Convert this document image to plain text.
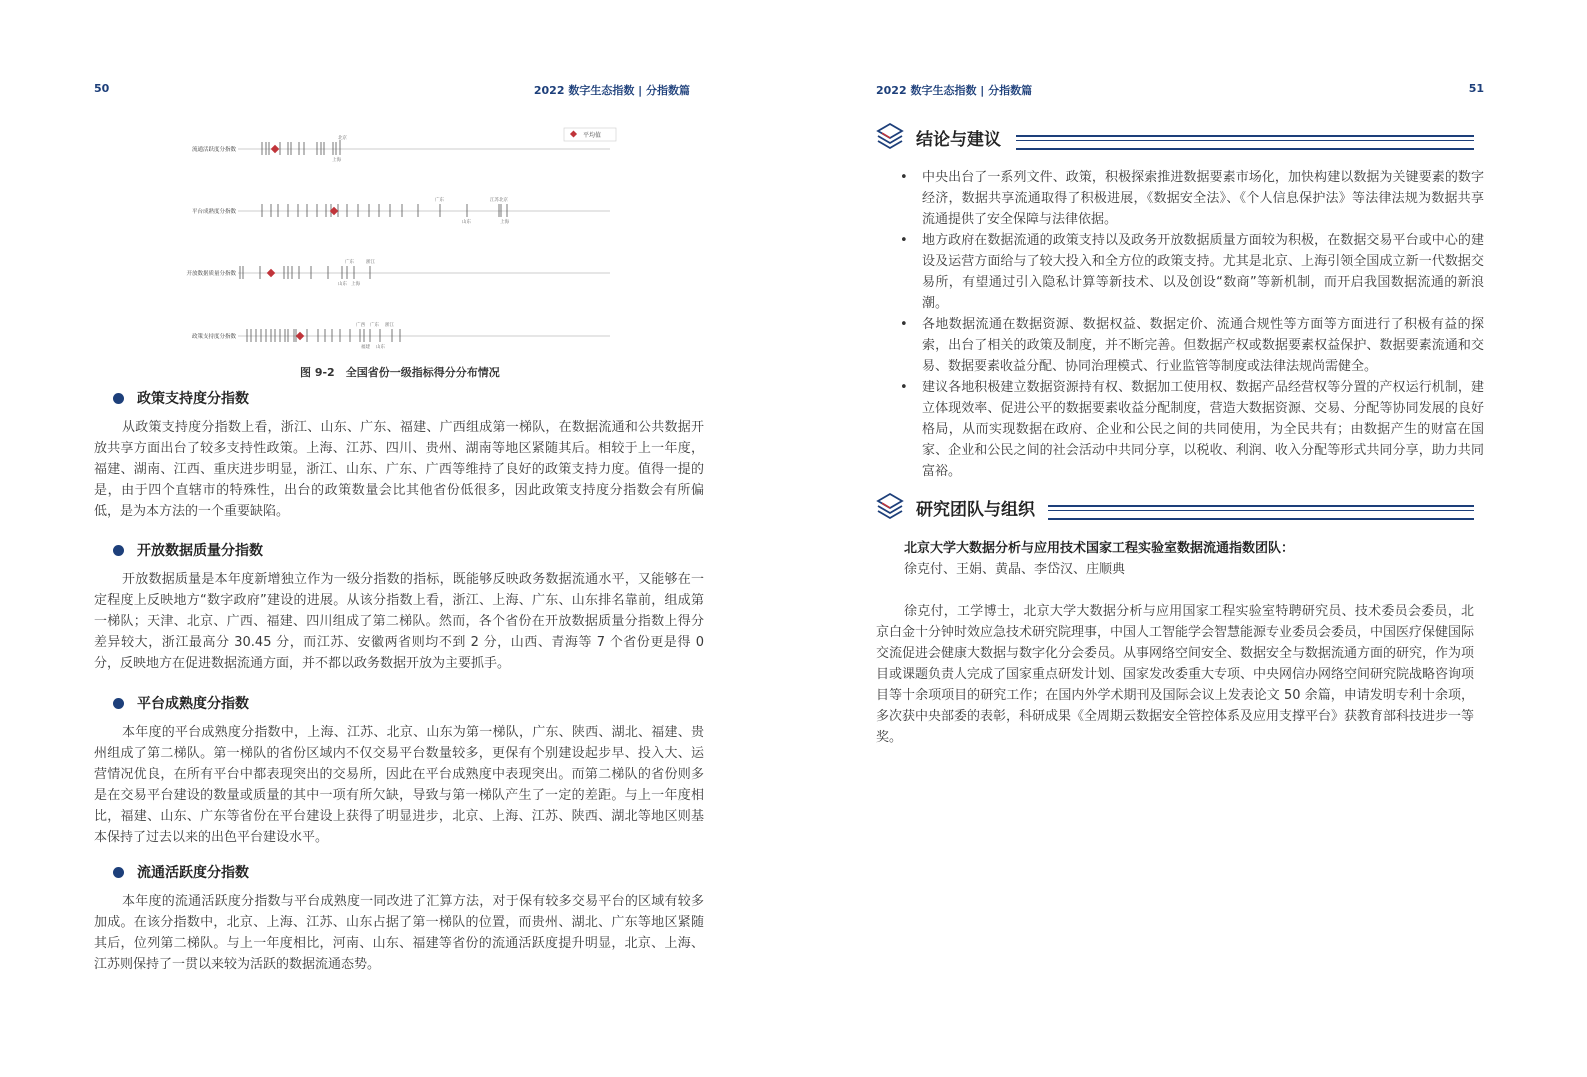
50	2022 数字生态指数 | 分指数篇
平均值
流通活跃度分指数
北京
上海
平台成熟度分指数
广东	江苏北京
山东	上海
开放数据质量分指数
广东	浙江
山东 上海
政策支持度分指数
广西 广东 浙江
福建 山东
图 9-2　全国省份一级指标得分分布情况
政策支持度分指数
从政策支持度分指数上看，浙江、山东、广东、福建、广西组成第一梯队，在数据流通和公共数据开放共享方面出台了较多支持性政策。上海、江苏、四川、贵州、湖南等地区紧随其后。相较于上一年度，福建、湖南、江西、重庆进步明显，浙江、山东、广东、广西等维持了良好的政策支持力度。值得一提的是，由于四个直辖市的特殊性，出台的政策数量会比其他省份低很多，因此政策支持度分指数会有所偏低，是为本方法的一个重要缺陷。
开放数据质量分指数
开放数据质量是本年度新增独立作为一级分指数的指标，既能够反映政务数据流通水平，又能够在一定程度上反映地方“数字政府”建设的进展。从该分指数上看，浙江、上海、广东、山东排名靠前，组成第一梯队；天津、北京、广西、福建、四川组成了第二梯队。然而，各个省份在开放数据质量分指数上得分差异较大，浙江最高分 30.45 分，而江苏、安徽两省则均不到 2 分，山西、青海等 7 个省份更是得 0 分，反映地方在促进数据流通方面，并不都以政务数据开放为主要抓手。
平台成熟度分指数
本年度的平台成熟度分指数中，上海、江苏、北京、山东为第一梯队，广东、陕西、湖北、福建、贵州组成了第二梯队。第一梯队的省份区域内不仅交易平台数量较多，更保有个别建设起步早、投入大、运营情况优良，在所有平台中都表现突出的交易所，因此在平台成熟度中表现突出。而第二梯队的省份则多是在交易平台建设的数量或质量的其中一项有所欠缺，导致与第一梯队产生了一定的差距。与上一年度相比，福建、山东、广东等省份在平台建设上获得了明显进步，北京、上海、江苏、陕西、湖北等地区则基本保持了过去以来的出色平台建设水平。
流通活跃度分指数
本年度的流通活跃度分指数与平台成熟度一同改进了汇算方法，对于保有较多交易平台的区域有较多加成。在该分指数中，北京、上海、江苏、山东占据了第一梯队的位置，而贵州、湖北、广东等地区紧随其后，位列第二梯队。与上一年度相比，河南、山东、福建等省份的流通活跃度提升明显，北京、上海、江苏则保持了一贯以来较为活跃的数据流通态势。
2022 数字生态指数 | 分指数篇	51
结论与建议
• 中央出台了一系列文件、政策，积极探索推进数据要素市场化，加快构建以数据为关键要素的数字经济，数据共享流通取得了积极进展，《数据安全法》、《个人信息保护法》等法律法规为数据共享流通提供了安全保障与法律依据。
• 地方政府在数据流通的政策支持以及政务开放数据质量方面较为积极，在数据交易平台或中心的建设及运营方面给与了较大投入和全方位的政策支持。尤其是北京、上海引领全国成立新一代数据交易所，有望通过引入隐私计算等新技术、以及创设“数商”等新机制，而开启我国数据流通的新浪潮。
• 各地数据流通在数据资源、数据权益、数据定价、流通合规性等方面等方面进行了积极有益的探索，出台了相关的政策及制度，并不断完善。但数据产权或数据要素权益保护、数据要素流通和交易、数据要素收益分配、协同治理模式、行业监管等制度或法律法规尚需健全。
• 建议各地积极建立数据资源持有权、数据加工使用权、数据产品经营权等分置的产权运行机制，建立体现效率、促进公平的数据要素收益分配制度，营造大数据资源、交易、分配等协同发展的良好格局，从而实现数据在政府、企业和公民之间的共同使用，为全民共有；由数据产生的财富在国家、企业和公民之间的社会活动中共同分享，以税收、利润、收入分配等形式共同分享，助力共同富裕。
研究团队与组织
北京大学大数据分析与应用技术国家工程实验室数据流通指数团队：
徐克付、王娟、黄晶、李岱汉、庄顺典
徐克付，工学博士，北京大学大数据分析与应用国家工程实验室特聘研究员、技术委员会委员，北京白金十分钟时效应急技术研究院理事，中国人工智能学会智慧能源专业委员会委员，中国医疗保健国际交流促进会健康大数据与数字化分会委员。从事网络空间安全、数据安全与数据流通方面的研究，作为项目或课题负责人完成了国家重点研发计划、国家发改委重大专项、中央网信办网络空间研究院战略咨询项目等十余项项目的研究工作；在国内外学术期刊及国际会议上发表论文 50 余篇，申请发明专利十余项，多次获中央部委的表彰，科研成果《全周期云数据安全管控体系及应用支撑平台》获教育部科技进步一等奖。
